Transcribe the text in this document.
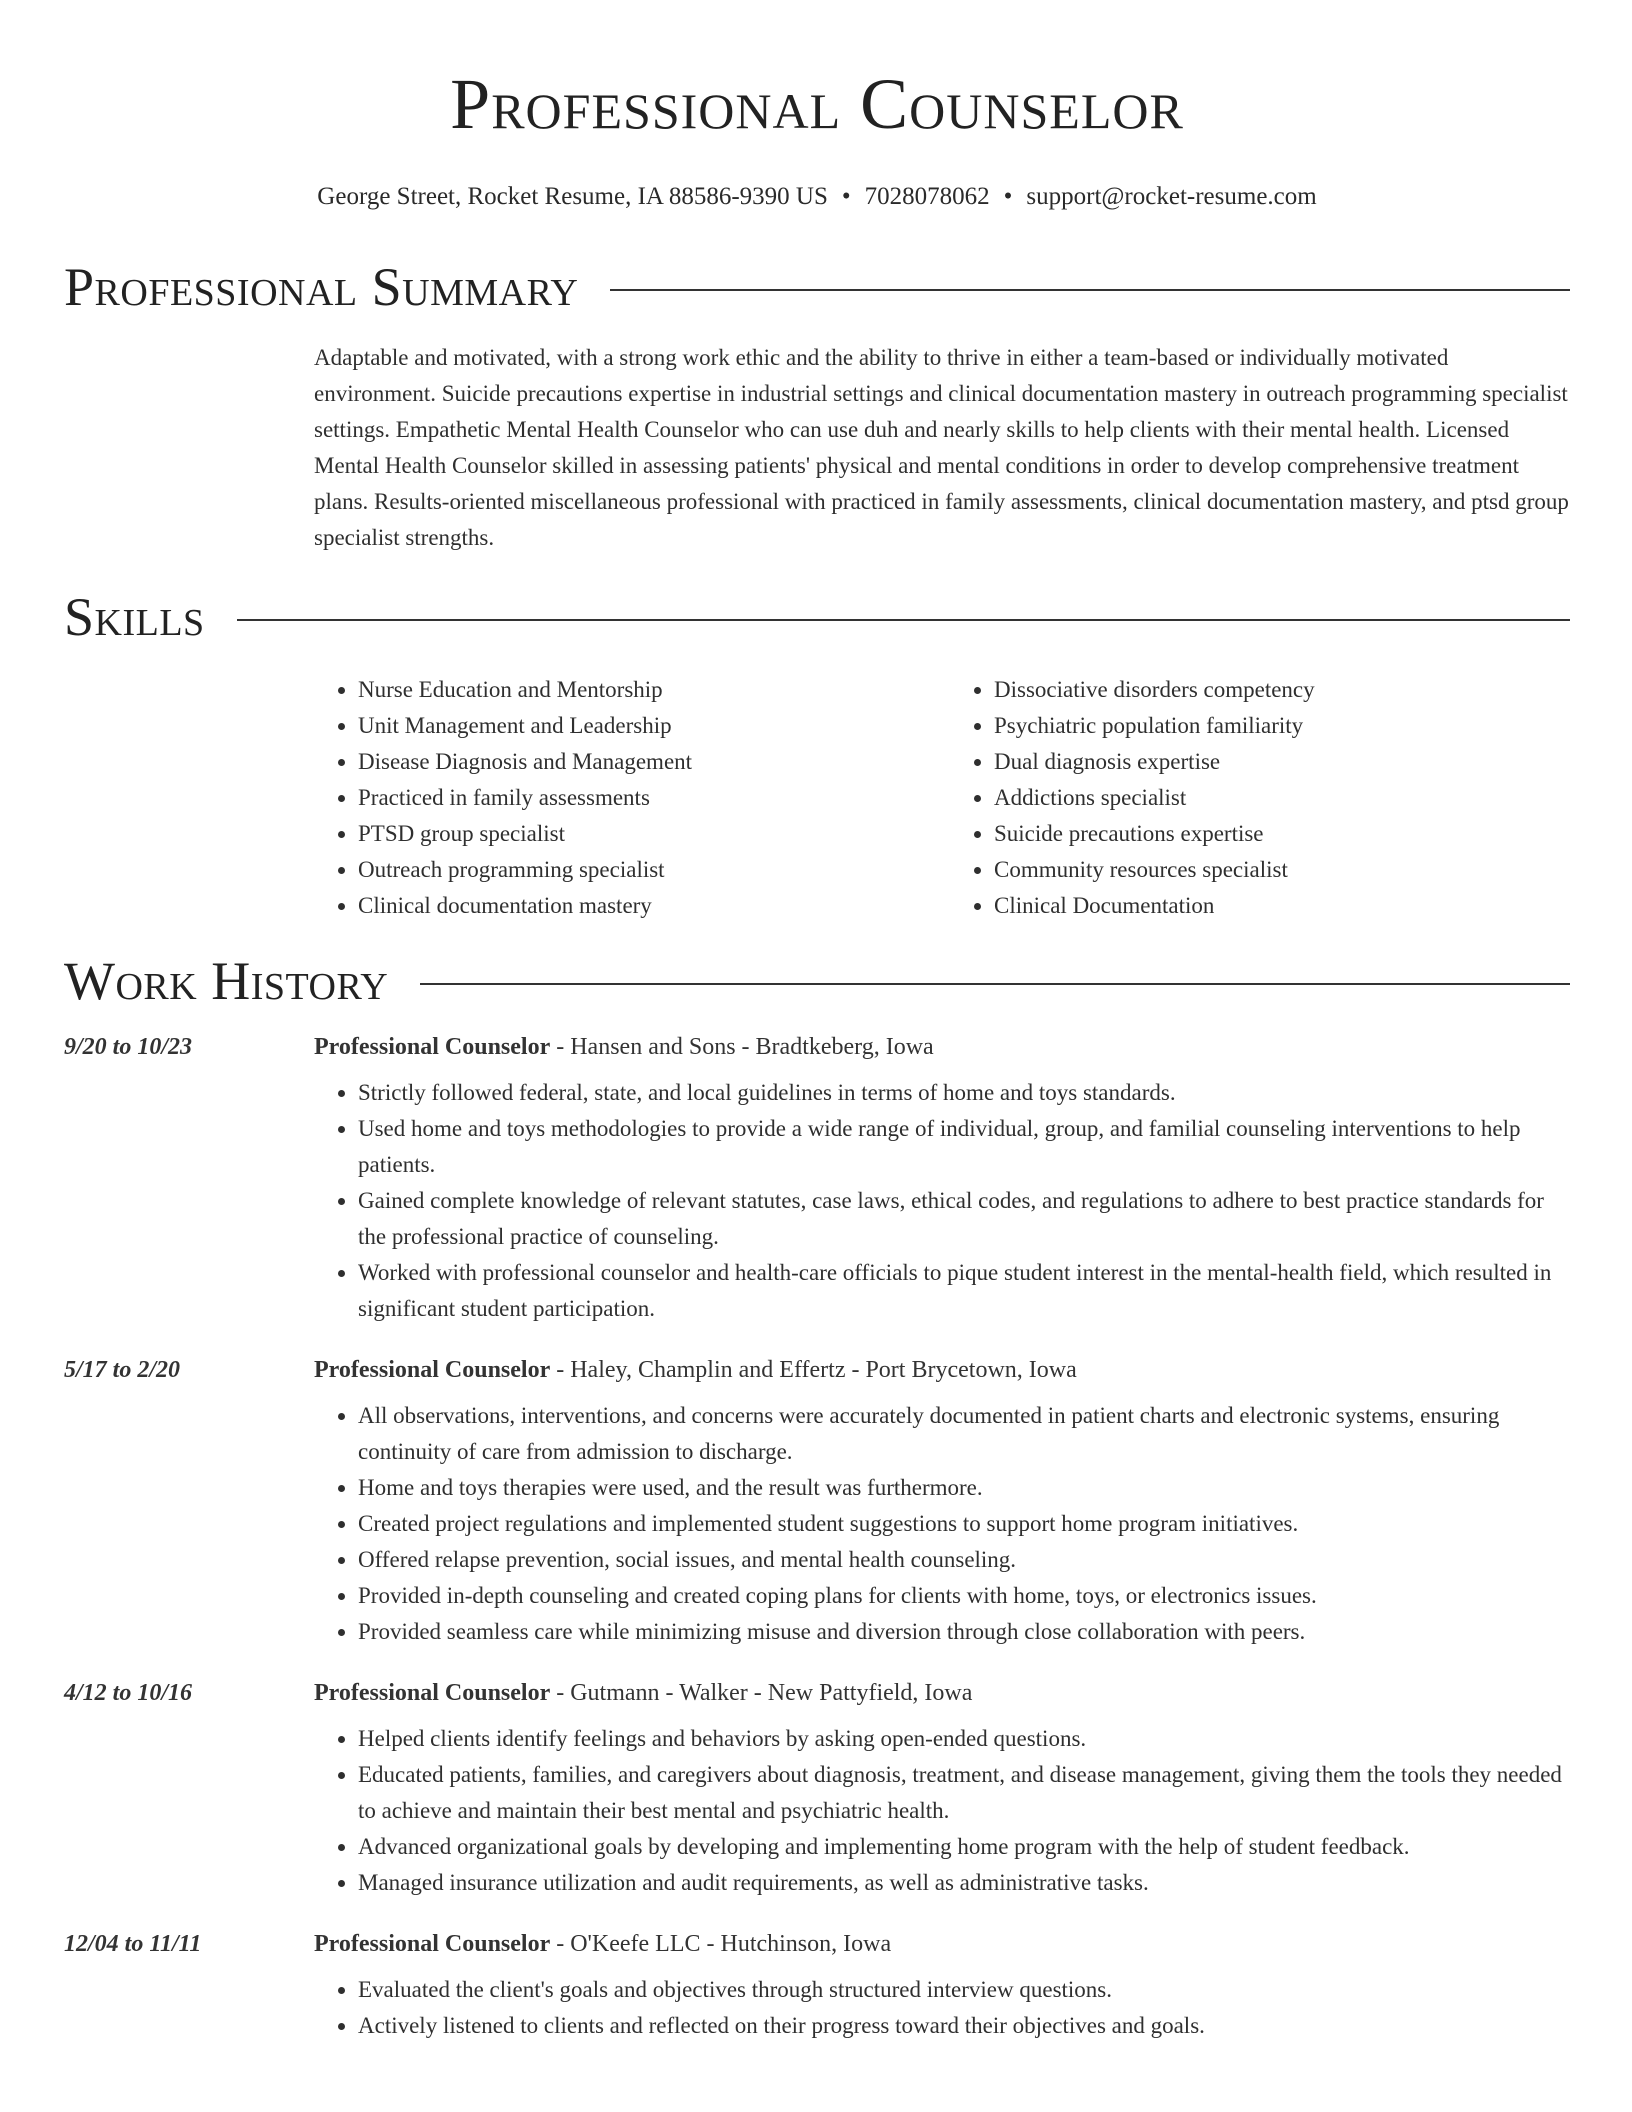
Professional Counselor
George Street, Rocket Resume, IA 88586-9390 US • 7028078062 • support@rocket-resume.com
Professional Summary
Adaptable and motivated, with a strong work ethic and the ability to thrive in either a team-based or individually motivated environment. Suicide precautions expertise in industrial settings and clinical documentation mastery in outreach programming specialist settings. Empathetic Mental Health Counselor who can use duh and nearly skills to help clients with their mental health. Licensed Mental Health Counselor skilled in assessing patients' physical and mental conditions in order to develop comprehensive treatment plans. Results-oriented miscellaneous professional with practiced in family assessments, clinical documentation mastery, and ptsd group specialist strengths.
Skills
• Nurse Education and Mentorship
• Unit Management and Leadership
• Disease Diagnosis and Management
• Practiced in family assessments
• PTSD group specialist
• Outreach programming specialist
• Clinical documentation mastery
• Dissociative disorders competency
• Psychiatric population familiarity
• Dual diagnosis expertise
• Addictions specialist
• Suicide precautions expertise
• Community resources specialist
• Clinical Documentation
Work History
9/20 to 10/23	Professional Counselor - Hansen and Sons - Bradtkeberg, Iowa
• Strictly followed federal, state, and local guidelines in terms of home and toys standards.
• Used home and toys methodologies to provide a wide range of individual, group, and familial counseling interventions to help patients.
• Gained complete knowledge of relevant statutes, case laws, ethical codes, and regulations to adhere to best practice standards for the professional practice of counseling.
• Worked with professional counselor and health-care officials to pique student interest in the mental-health field, which resulted in significant student participation.
5/17 to 2/20	Professional Counselor - Haley, Champlin and Effertz - Port Brycetown, Iowa
• All observations, interventions, and concerns were accurately documented in patient charts and electronic systems, ensuring continuity of care from admission to discharge.
• Home and toys therapies were used, and the result was furthermore.
• Created project regulations and implemented student suggestions to support home program initiatives.
• Offered relapse prevention, social issues, and mental health counseling.
• Provided in-depth counseling and created coping plans for clients with home, toys, or electronics issues.
• Provided seamless care while minimizing misuse and diversion through close collaboration with peers.
4/12 to 10/16	Professional Counselor - Gutmann - Walker - New Pattyfield, Iowa
• Helped clients identify feelings and behaviors by asking open-ended questions.
• Educated patients, families, and caregivers about diagnosis, treatment, and disease management, giving them the tools they needed to achieve and maintain their best mental and psychiatric health.
• Advanced organizational goals by developing and implementing home program with the help of student feedback.
• Managed insurance utilization and audit requirements, as well as administrative tasks.
12/04 to 11/11	Professional Counselor - O'Keefe LLC - Hutchinson, Iowa
• Evaluated the client's goals and objectives through structured interview questions.
• Actively listened to clients and reflected on their progress toward their objectives and goals.
